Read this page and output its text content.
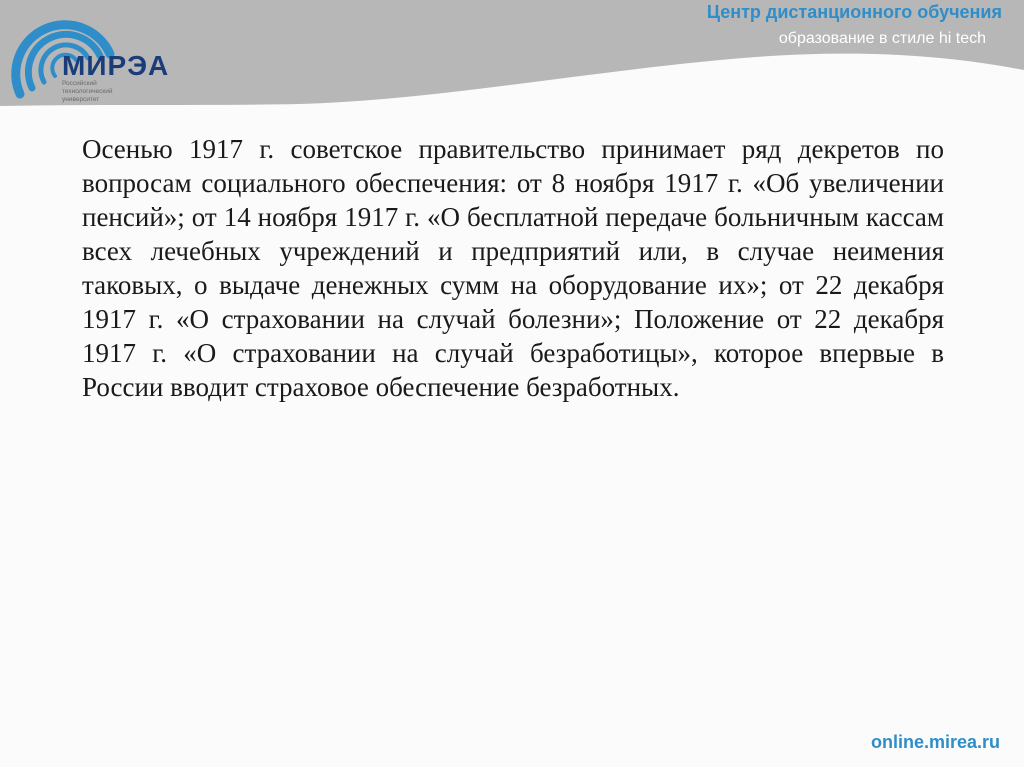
МИРЭА
Российский технологический университет
Центр дистанционного обучения
образование в стиле hi tech

Осенью 1917 г. советское правительство принимает ряд декретов по вопросам социального обеспечения: от 8 ноября 1917 г. «Об увеличении пенсий»; от 14 ноября 1917 г. «О бесплатной передаче больничным кассам всех лечебных учреждений и предприятий или, в случае неимения таковых, о выдаче денежных сумм на оборудование их»; от 22 декабря 1917 г. «О страховании на случай болезни»; Положение от 22 декабря 1917 г. «О страховании на случай безработицы», которое впервые в России вводит страховое обеспечение безработных.

online.mirea.ru
